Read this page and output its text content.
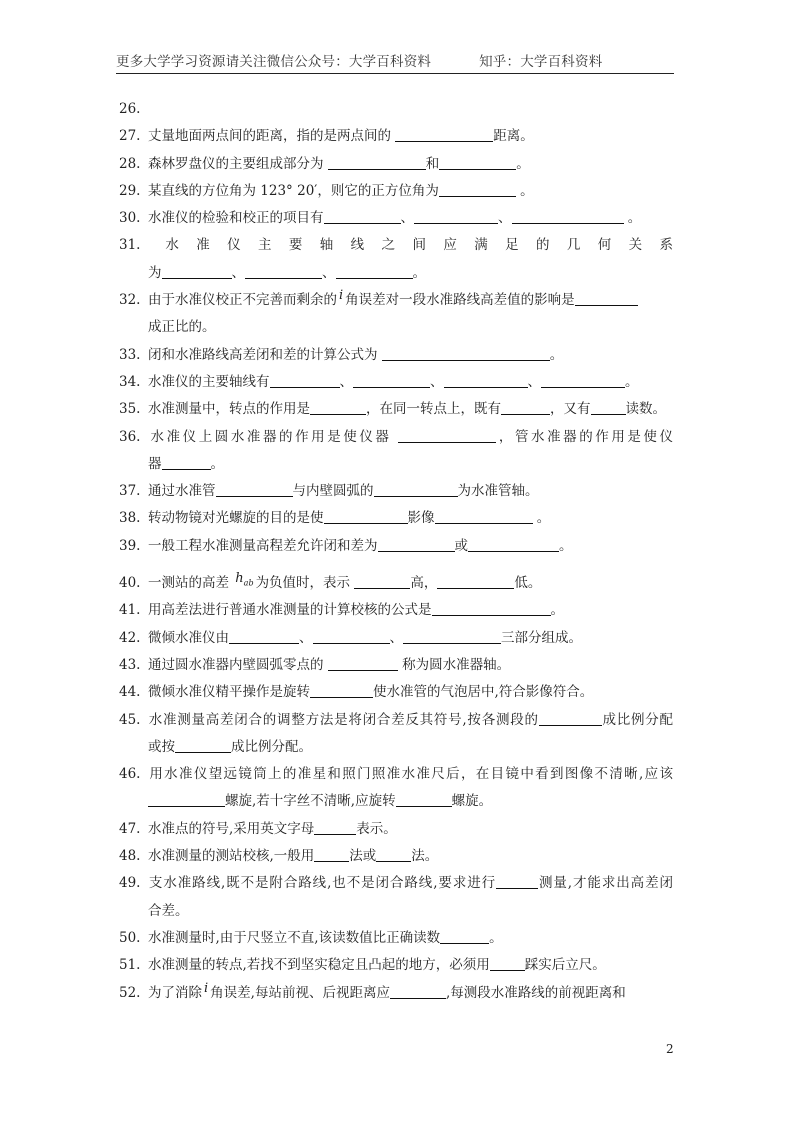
更多大学学习资源请关注微信公众号：大学百科资料	知乎：大学百科资料
26.
27. 丈量地面两点间的距离，指的是两点间的	距离。
28. 森林罗盘仪的主要组成部分为	和	。
29. 某直线的方位角为 123° 20′，则它的正方位角为	。
30. 水准仪的检验和校正的项目有	、	、	。
31. 水准仪主要轴线之间应满足的几何关系
为	、	、	。
32. 由于水准仪校正不完善而剩余的 i 角误差对一段水准路线高差值的影响是
成正比的。
33. 闭和水准路线高差闭和差的计算公式为	。
34. 水准仪的主要轴线有	、	、	、	。
35. 水准测量中，转点的作用是	，在同一转点上，既有	，又有	读数。
36. 水准仪上圆水准器的作用是使仪器	，管水准器的作用是使仪
器	。
37. 通过水准管	与内壁圆弧的	为水准管轴。
38. 转动物镜对光螺旋的目的是使	影像	。
39. 一般工程水准测量高程差允许闭和差为	或	。
40. 一测站的高差 $h_{ab}$ 为负值时，表示	高，	低。
41. 用高差法进行普通水准测量的计算校核的公式是	。
42. 微倾水准仪由	、	、	三部分组成。
43. 通过圆水准器内壁圆弧零点的	称为圆水准器轴。
44. 微倾水准仪精平操作是旋转	使水准管的气泡居中,符合影像符合。
45. 水准测量高差闭合的调整方法是将闭合差反其符号,按各测段的	成比例分配
或按	成比例分配。
46. 用水准仪望远镜筒上的准星和照门照准水准尺后，在目镜中看到图像不清晰,应该
螺旋,若十字丝不清晰,应旋转	螺旋。
47. 水准点的符号,采用英文字母	表示。
48. 水准测量的测站校核,一般用	法或	法。
49. 支水准路线,既不是附合路线,也不是闭合路线,要求进行	测量,才能求出高差闭
合差。
50. 水准测量时,由于尺竖立不直,该读数值比正确读数	。
51. 水准测量的转点,若找不到坚实稳定且凸起的地方，必须用	踩实后立尺。
52. 为了消除 i 角误差,每站前视、后视距离应	,每测段水准路线的前视距离和
2
